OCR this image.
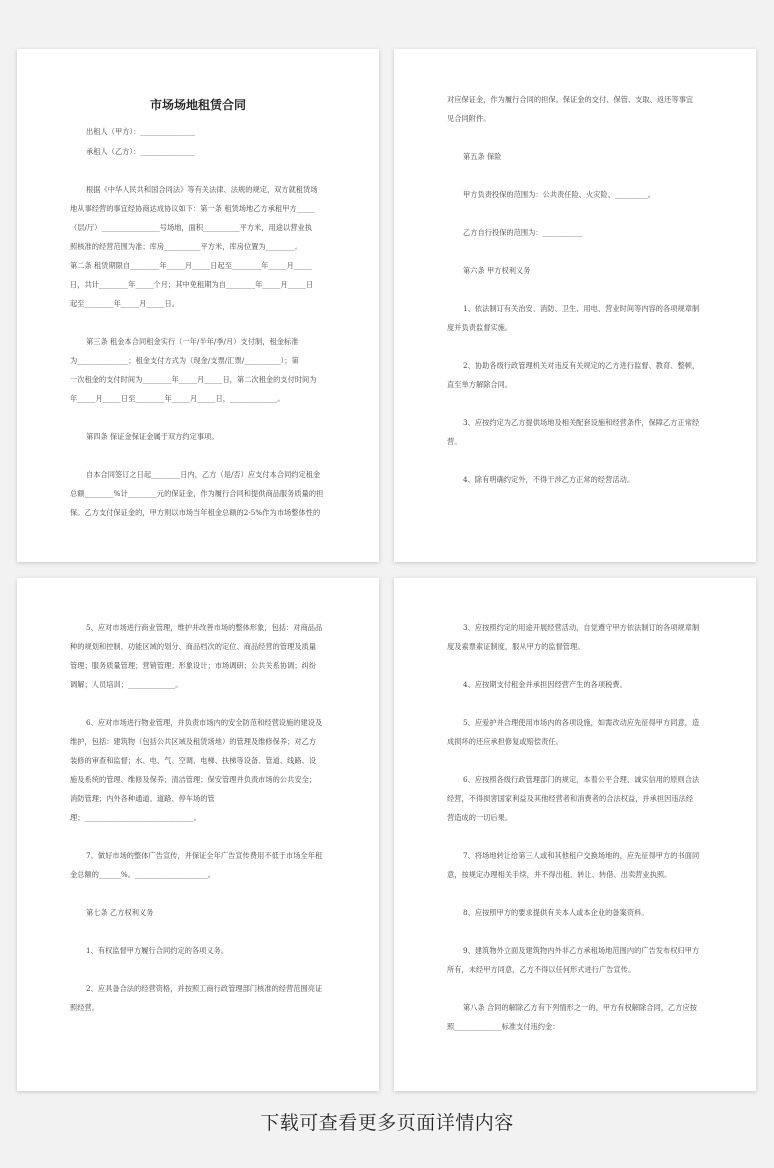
市场场地租赁合同
出租人（甲方）：_______________
承租人（乙方）：_______________
根据《中华人民共和国合同法》等有关法律、法规的规定，双方就租赁场
地从事经营的事宜经协商达成协议如下：第一条 租赁场地乙方承租甲方_____
（层/厅）________________号场地，面积__________平方米，用途以营业执
照核准的经营范围为准；库房__________平方米，库房位置为________。
第二条 租赁期限自________年_____月_____日起至________年_____月_____
日，共计________年_____个月；其中免租期为自________年_____月_____日
起至________年_____月_____日。
第三条 租金本合同租金实行（一年/半年/季/月）支付制，租金标准
为______________；租金支付方式为（现金/支票/汇票/__________）；第
一次租金的支付时间为________年_____月_____日，第二次租金的支付时间为
年_____月_____日至________年_____月_____日，_____________。
第四条 保证金保证金属于双方约定事项。
自本合同签订之日起________日内，乙方（是/否）应支付本合同约定租金
总额________%计________元的保证金，作为履行合同和提供商品服务质量的担
保。乙方支付保证金的，甲方则以市场当年租金总额的2-5%作为市场整体性的
对应保证金，作为履行合同的担保。保证金的交付、保管、支取、返还等事宜
见合同附件。
第五条 保险
甲方负责投保的范围为：公共责任险、火灾险、_________。
乙方自行投保的范围为：___________
第六条 甲方权利义务
1、依法制订有关治安、消防、卫生、用电、营业时间等内容的各项规章制
度并负责监督实施。
2、协助各级行政管理机关对违反有关规定的乙方进行监督、教育、整顿，
直至单方解除合同。
3、应按约定为乙方提供场地及相关配套设施和经营条件，保障乙方正常经
营。
4、除有明确约定外，不得干涉乙方正常的经营活动。
5、应对市场进行商业管理，维护并改善市场的整体形象，包括：对商品品
种的规划和控制、功能区域的划分、商品档次的定位、商品经营的管理及质量
管理；服务质量管理；营销管理；形象设计；市场调研；公共关系协调；纠纷
调解；人员培训；_____________。
6、应对市场进行物业管理，并负责市场内的安全防范和经营设施的建设及
维护，包括：建筑物（包括公共区域及租赁场地）的管理及维修保养；对乙方
装修的审查和监督；水、电、气、空调、电梯、扶梯等设备、管道、线路、设
施及系统的管理、维修及保养；清洁管理；保安管理并负责市场的公共安全；
消防管理；内外各种通道、道路、停车场的管
理；______________________________。
7、做好市场的整体广告宣传，并保证全年广告宣传费用不低于市场全年租
金总额的______%。____________________。
第七条 乙方权利义务
1、有权监督甲方履行合同约定的各项义务。
2、应具备合法的经营资格，并按照工商行政管理部门核准的经营范围亮证
照经营。
3、应按照约定的用途开展经营活动，自觉遵守甲方依法制订的各项规章制
度及索票索证制度，服从甲方的监督管理。
4、应按期支付租金并承担因经营产生的各项税费。
5、应爱护并合理使用市场内的各项设施，如需改动应先征得甲方同意，造
成损坏的还应承担修复或赔偿责任。
6、应按照各级行政管理部门的规定，本着公平合理、诚实信用的原则合法
经营，不得损害国家利益及其他经营者和消费者的合法权益，并承担因违法经
营造成的一切后果。
7、将场地转让给第三人或和其他租户交换场地的，应先征得甲方的书面同
意，按规定办理相关手续，并不得出租、转让、转借、出卖营业执照。
8、应按照甲方的要求提供有关本人或本企业的备案资料。
9、建筑物外立面及建筑物内外非乙方承租场地范围内的广告发布权归甲方
所有，未经甲方同意，乙方不得以任何形式进行广告宣传。
第八条 合同的解除乙方有下列情形之一的，甲方有权解除合同，乙方应按
照_____________标准支付违约金：
下载可查看更多页面详情内容
